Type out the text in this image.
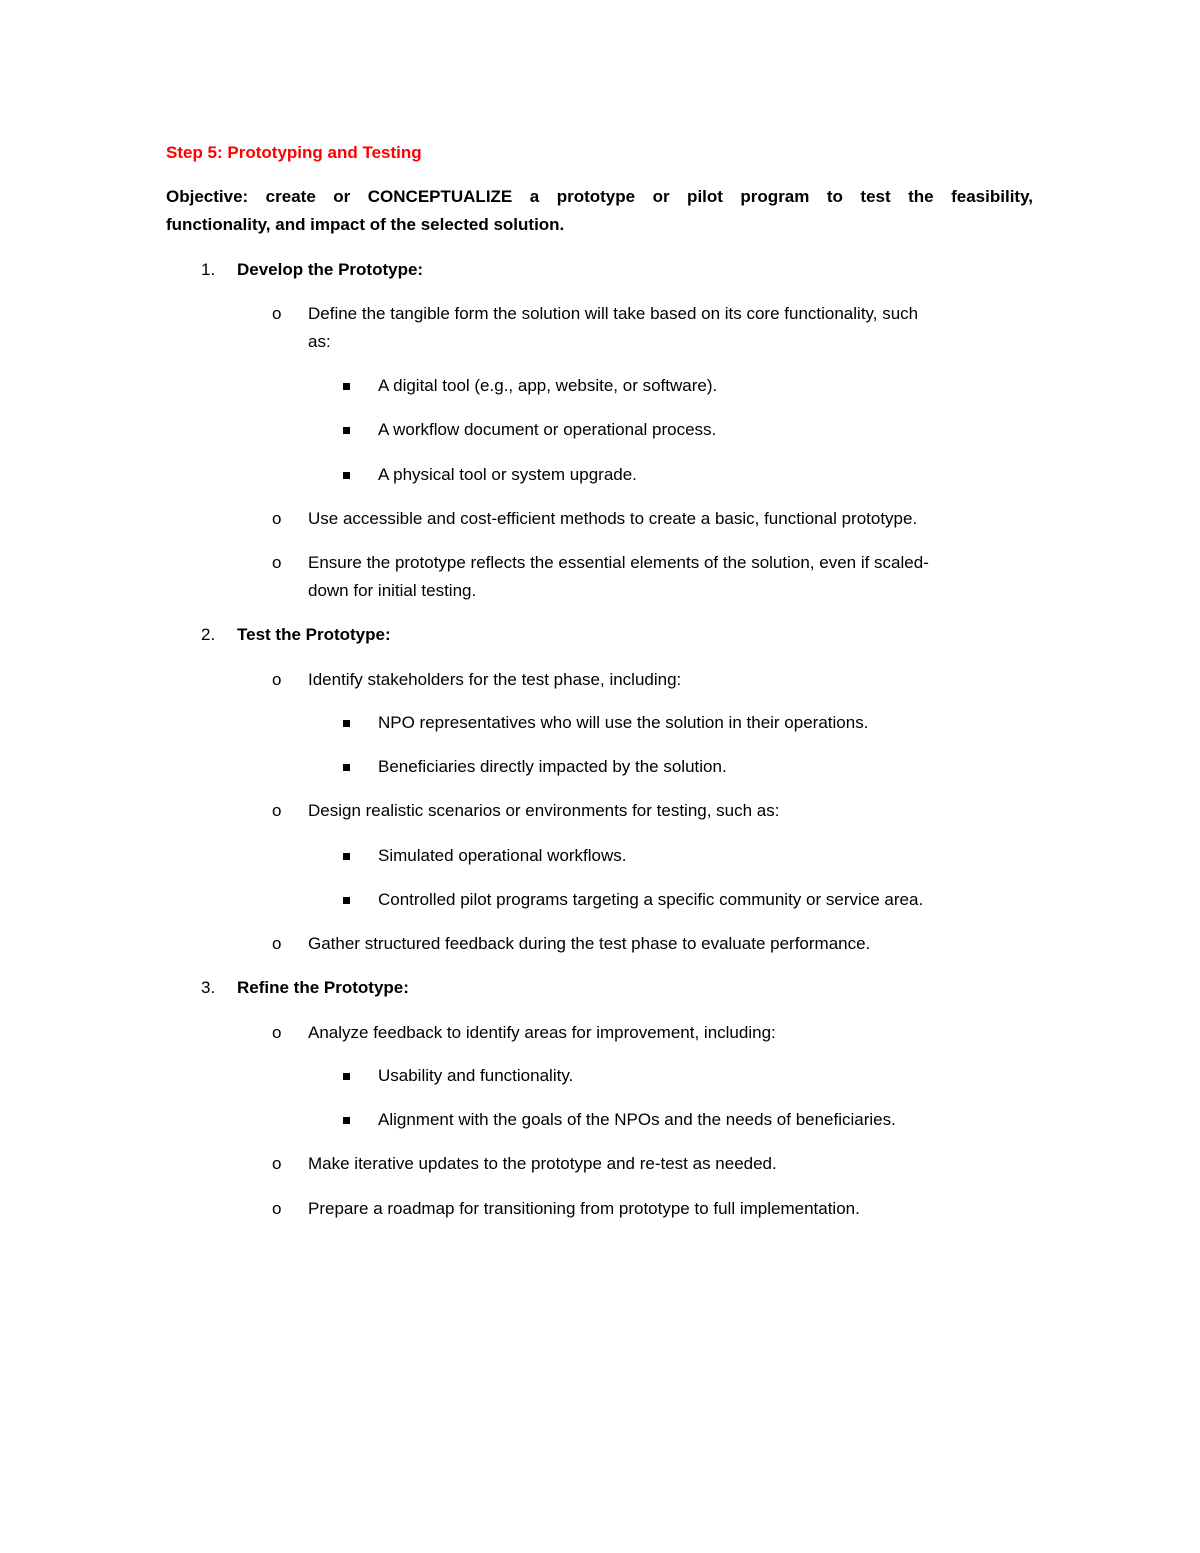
Step 5: Prototyping and Testing
Objective: create or CONCEPTUALIZE a prototype or pilot program to test the feasibility,
functionality, and impact of the selected solution.
1. Develop the Prototype:
o Define the tangible form the solution will take based on its core functionality, such
as:
A digital tool (e.g., app, website, or software).
A workflow document or operational process.
A physical tool or system upgrade.
o Use accessible and cost-efficient methods to create a basic, functional prototype.
o Ensure the prototype reflects the essential elements of the solution, even if scaled-
down for initial testing.
2. Test the Prototype:
o Identify stakeholders for the test phase, including:
NPO representatives who will use the solution in their operations.
Beneficiaries directly impacted by the solution.
o Design realistic scenarios or environments for testing, such as:
Simulated operational workflows.
Controlled pilot programs targeting a specific community or service area.
o Gather structured feedback during the test phase to evaluate performance.
3. Refine the Prototype:
o Analyze feedback to identify areas for improvement, including:
Usability and functionality.
Alignment with the goals of the NPOs and the needs of beneficiaries.
o Make iterative updates to the prototype and re-test as needed.
o Prepare a roadmap for transitioning from prototype to full implementation.
